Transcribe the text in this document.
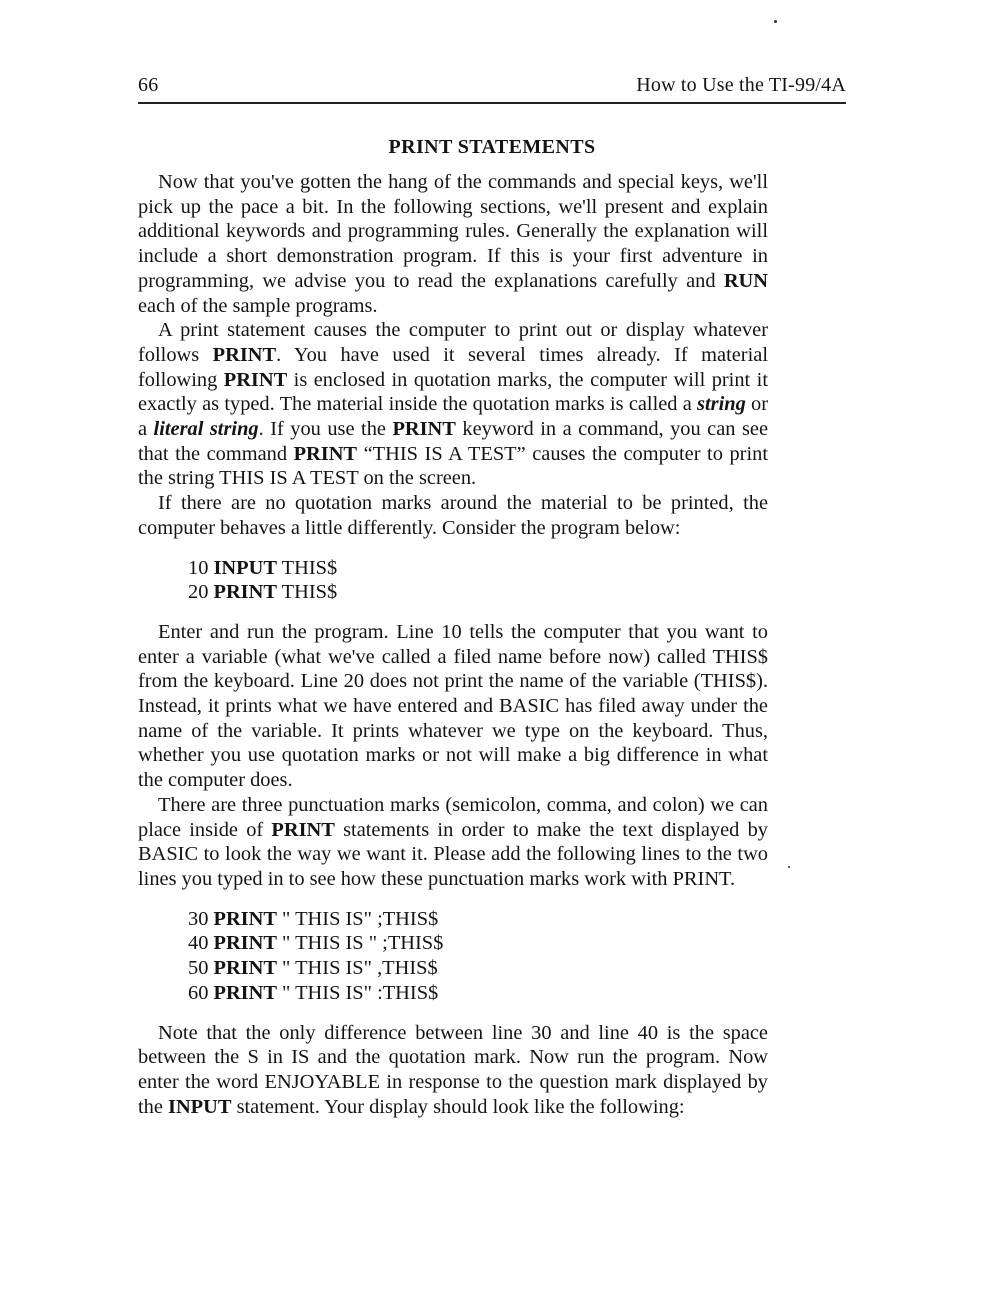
66	How to Use the TI-99/4A
PRINT STATEMENTS

Now that you've gotten the hang of the commands and special keys, we'll pick up the pace a bit. In the following sections, we'll present and explain additional keywords and programming rules. Generally the explanation will include a short demonstration program. If this is your first adventure in programming, we advise you to read the explanations carefully and RUN each of the sample programs.

A print statement causes the computer to print out or display whatever follows PRINT. You have used it several times already. If material following PRINT is enclosed in quotation marks, the computer will print it exactly as typed. The material inside the quotation marks is called a string or a literal string. If you use the PRINT keyword in a command, you can see that the command PRINT “THIS IS A TEST” causes the computer to print the string THIS IS A TEST on the screen.

If there are no quotation marks around the material to be printed, the computer behaves a little differently. Consider the program below:

10 INPUT THIS$
20 PRINT THIS$

Enter and run the program. Line 10 tells the computer that you want to enter a variable (what we've called a filed name before now) called THIS$ from the keyboard. Line 20 does not print the name of the variable (THIS$). Instead, it prints what we have entered and BASIC has filed away under the name of the variable. It prints whatever we type on the keyboard. Thus, whether you use quotation marks or not will make a big difference in what the computer does.

There are three punctuation marks (semicolon, comma, and colon) we can place inside of PRINT statements in order to make the text displayed by BASIC to look the way we want it. Please add the following lines to the two lines you typed in to see how these punctuation marks work with PRINT.

30 PRINT " THIS IS" ;THIS$
40 PRINT " THIS IS " ;THIS$
50 PRINT " THIS IS" ,THIS$
60 PRINT " THIS IS" :THIS$

Note that the only difference between line 30 and line 40 is the space between the S in IS and the quotation mark. Now run the program. Now enter the word ENJOYABLE in response to the question mark displayed by the INPUT statement. Your display should look like the following:
